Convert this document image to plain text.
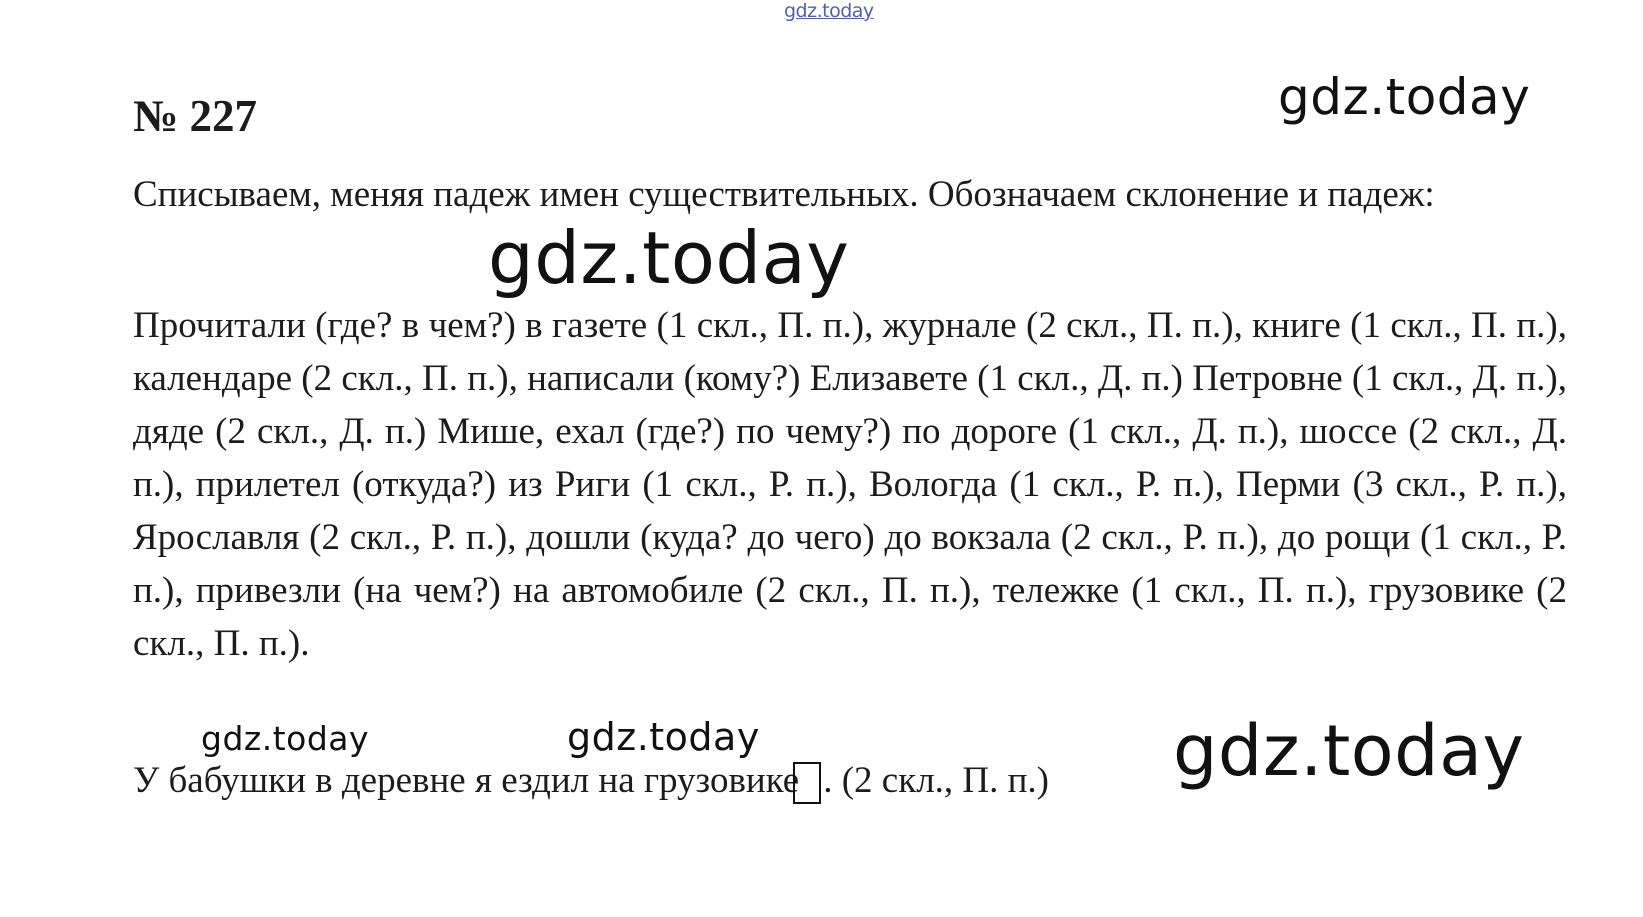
gdz.today
gdz.today
№ 227

Списываем, меняя падеж имен существительных. Обозначаем склонение и падеж:

gdz.today

Прочитали (где? в чем?) в газете (1 скл., П. п.), журнале (2 скл., П. п.), книге (1 скл., П. п.), календаре (2 скл., П. п.), написали (кому?) Елизавете (1 скл., Д. п.) Петровне (1 скл., Д. п.), дяде (2 скл., Д. п.) Мише, ехал (где?) по чему?) по дороге (1 скл., Д. п.), шоссе (2 скл., Д. п.), прилетел (откуда?) из Риги (1 скл., Р. п.), Вологда (1 скл., Р. п.), Перми (3 скл., Р. п.), Ярославля (2 скл., Р. п.), дошли (куда? до чего) до вокзала (2 скл., Р. п.), до рощи (1 скл., Р. п.), привезли (на чем?) на автомобиле (2 скл., П. п.), тележке (1 скл., П. п.), грузовике (2 скл., П. п.).

gdz.today	gdz.today
У бабушки в деревне я ездил на грузовике . (2 скл., П. п.) gdz.today
